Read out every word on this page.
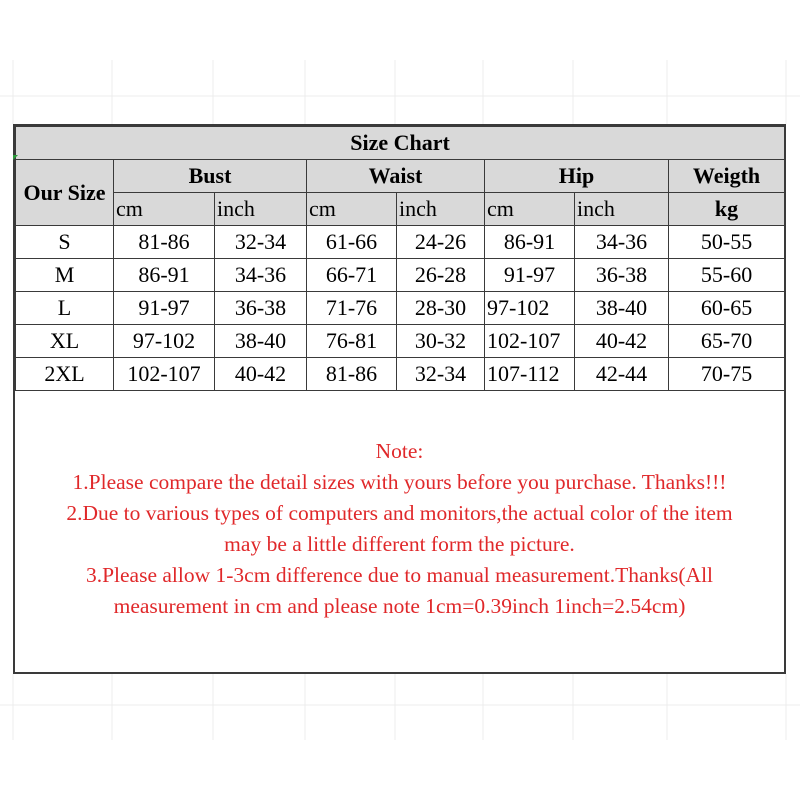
Size Chart							
Our Size	Bust		Waist		Hip		Weigth
	cm	inch	cm	inch	cm	inch	kg
S	81-86	32-34	61-66	24-26	86-91	34-36	50-55
M	86-91	34-36	66-71	26-28	91-97	36-38	55-60
L	91-97	36-38	71-76	28-30	97-102	38-40	60-65
XL	97-102	38-40	76-81	30-32	102-107	40-42	65-70
2XL	102-107	40-42	81-86	32-34	107-112	42-44	70-75
Note:
1.Please compare the detail sizes with yours before you purchase. Thanks!!!
2.Due to various types of computers and monitors,the actual color of the item
may be a little different form the picture.
3.Please allow 1-3cm difference due to manual measurement.Thanks(All
measurement in cm and please note 1cm=0.39inch 1inch=2.54cm)
